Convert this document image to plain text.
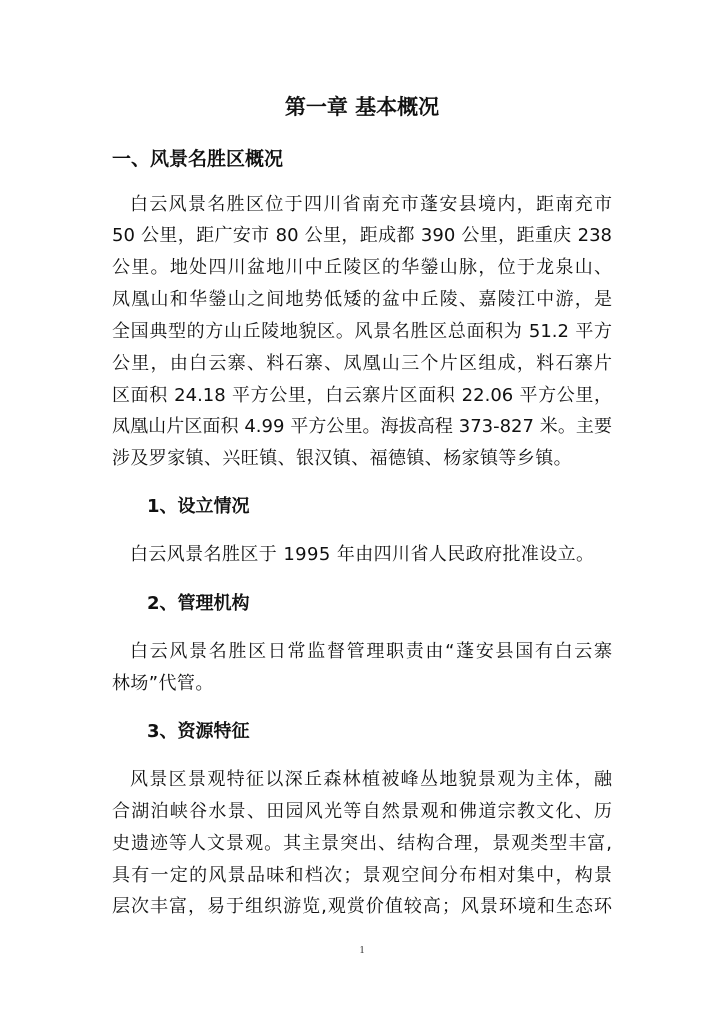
第一章 基本概况
一、风景名胜区概况
白云风景名胜区位于四川省南充市蓬安县境内，距南充市
50 公里，距广安市 80 公里，距成都 390 公里，距重庆 238
公里。地处四川盆地川中丘陵区的华鎣山脉，位于龙泉山、
凤凰山和华鎣山之间地势低矮的盆中丘陵、嘉陵江中游，是
全国典型的方山丘陵地貌区。风景名胜区总面积为 51.2 平方
公里，由白云寨、料石寨、凤凰山三个片区组成，料石寨片
区面积 24.18 平方公里，白云寨片区面积 22.06 平方公里，
凤凰山片区面积 4.99 平方公里。海拔高程 373-827 米。主要
涉及罗家镇、兴旺镇、银汉镇、福德镇、杨家镇等乡镇。
1、设立情况
白云风景名胜区于 1995 年由四川省人民政府批准设立。
2、管理机构
白云风景名胜区日常监督管理职责由“蓬安县国有白云寨
林场”代管。
3、资源特征
风景区景观特征以深丘森林植被峰丛地貌景观为主体，融
合湖泊峡谷水景、田园风光等自然景观和佛道宗教文化、历
史遗迹等人文景观。其主景突出、结构合理，景观类型丰富,
具有一定的风景品味和档次；景观空间分布相对集中，构景
层次丰富，易于组织游览,观赏价值较高；风景环境和生态环
1
